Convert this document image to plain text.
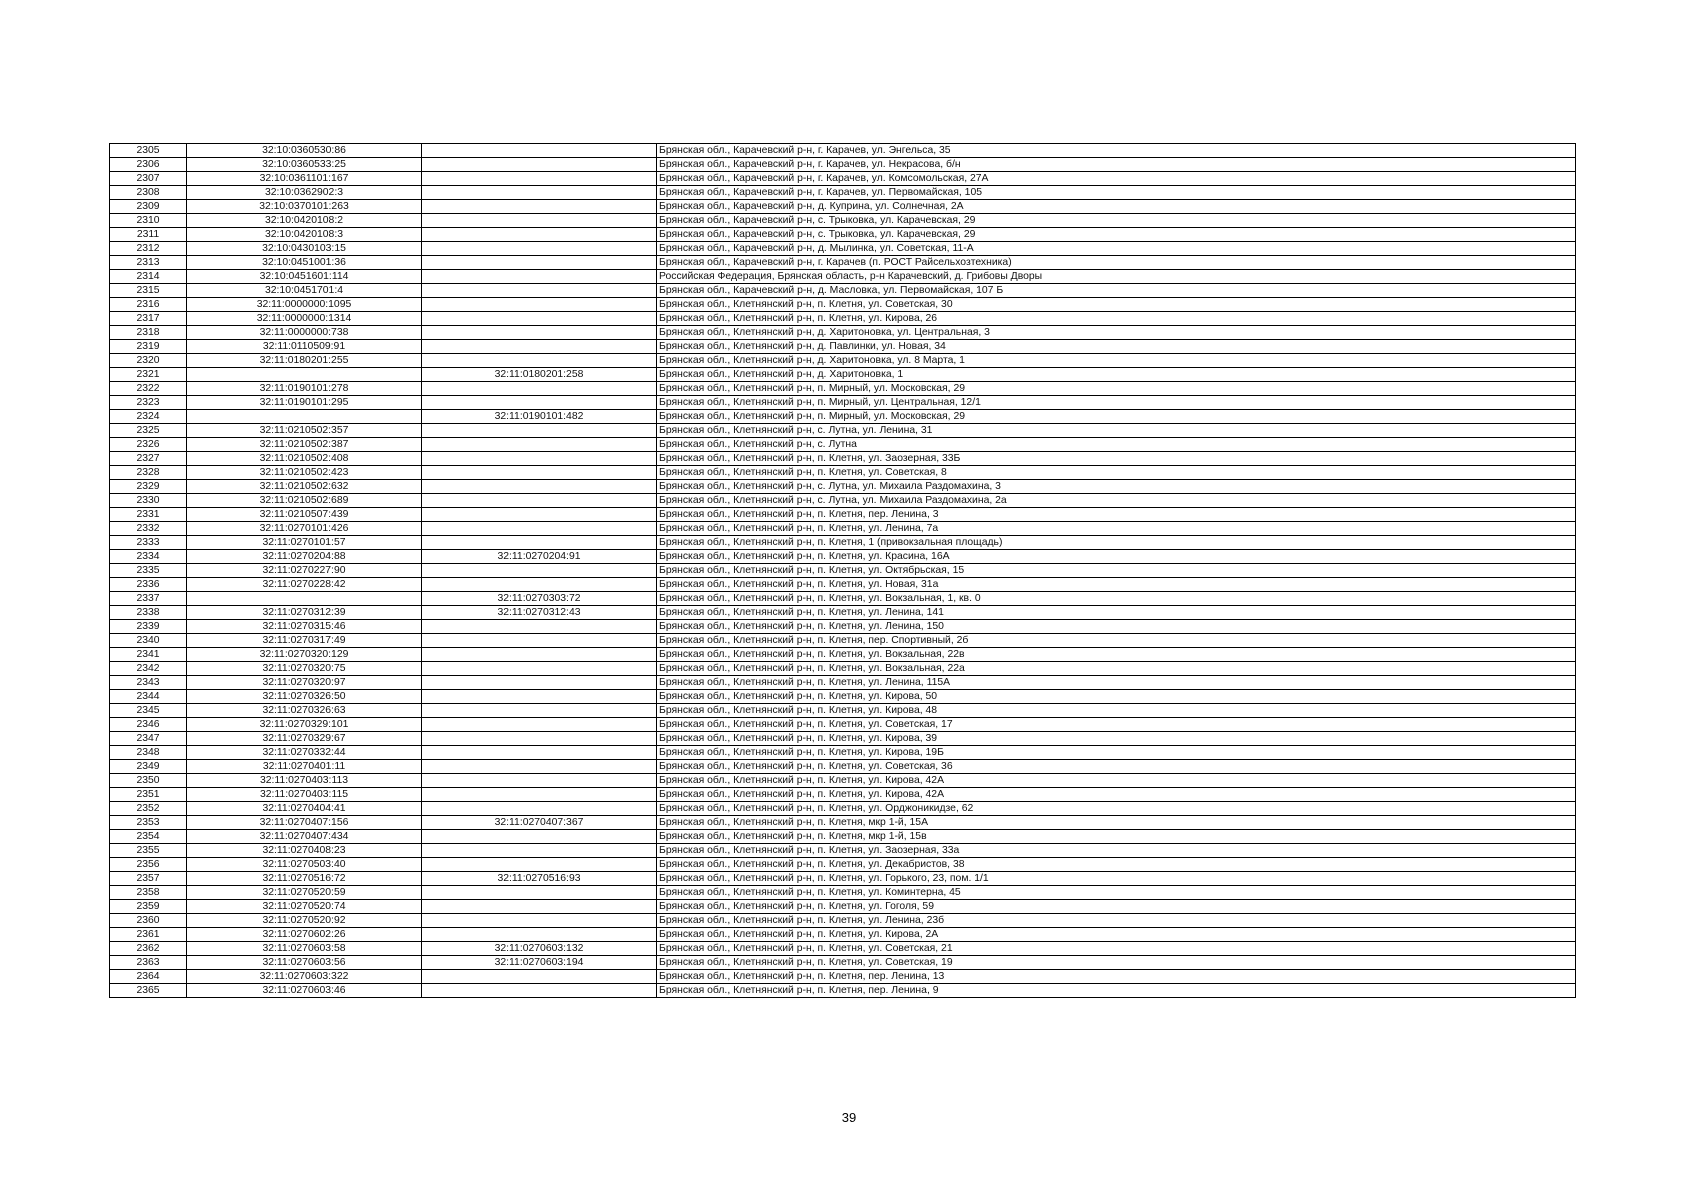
2305	32:10:0360530:86		Брянская обл., Карачевский р-н, г. Карачев, ул. Энгельса, 35
2306	32:10:0360533:25		Брянская обл., Карачевский р-н, г. Карачев, ул. Некрасова, б/н
2307	32:10:0361101:167		Брянская обл., Карачевский р-н, г. Карачев, ул. Комсомольская, 27А
2308	32:10:0362902:3		Брянская обл., Карачевский р-н, г. Карачев, ул. Первомайская, 105
2309	32:10:0370101:263		Брянская обл., Карачевский р-н, д. Куприна, ул. Солнечная, 2А
2310	32:10:0420108:2		Брянская обл., Карачевский р-н, с. Трыковка, ул. Карачевская, 29
2311	32:10:0420108:3		Брянская обл., Карачевский р-н, с. Трыковка, ул. Карачевская, 29
2312	32:10:0430103:15		Брянская обл., Карачевский р-н, д. Мылинка, ул. Советская, 11-А
2313	32:10:0451001:36		Брянская обл., Карачевский р-н, г. Карачев (п. РОСТ Райсельхозтехника)
2314	32:10:0451601:114		Российская Федерация, Брянская область, р-н Карачевский, д. Грибовы Дворы
2315	32:10:0451701:4		Брянская обл., Карачевский р-н, д. Масловка, ул. Первомайская, 107 Б
2316	32:11:0000000:1095		Брянская обл., Клетнянский р-н, п. Клетня, ул. Советская, 30
2317	32:11:0000000:1314		Брянская обл., Клетнянский р-н, п. Клетня, ул. Кирова, 26
2318	32:11:0000000:738		Брянская обл., Клетнянский р-н, д. Харитоновка, ул. Центральная, 3
2319	32:11:0110509:91		Брянская обл., Клетнянский р-н, д. Павлинки, ул. Новая, 34
2320	32:11:0180201:255		Брянская обл., Клетнянский р-н, д. Харитоновка, ул. 8 Марта, 1
2321		32:11:0180201:258	Брянская обл., Клетнянский р-н, д. Харитоновка, 1
2322	32:11:0190101:278		Брянская обл., Клетнянский р-н, п. Мирный, ул. Московская, 29
2323	32:11:0190101:295		Брянская обл., Клетнянский р-н, п. Мирный, ул. Центральная, 12/1
2324		32:11:0190101:482	Брянская обл., Клетнянский р-н, п. Мирный, ул. Московская, 29
2325	32:11:0210502:357		Брянская обл., Клетнянский р-н, с. Лутна, ул. Ленина, 31
2326	32:11:0210502:387		Брянская обл., Клетнянский р-н, с. Лутна
2327	32:11:0210502:408		Брянская обл., Клетнянский р-н, п. Клетня, ул. Заозерная, 33Б
2328	32:11:0210502:423		Брянская обл., Клетнянский р-н, п. Клетня, ул. Советская, 8
2329	32:11:0210502:632		Брянская обл., Клетнянский р-н, с. Лутна, ул. Михаила Раздомахина, 3
2330	32:11:0210502:689		Брянская обл., Клетнянский р-н, с. Лутна, ул. Михаила Раздомахина, 2а
2331	32:11:0210507:439		Брянская обл., Клетнянский р-н, п. Клетня, пер. Ленина, 3
2332	32:11:0270101:426		Брянская обл., Клетнянский р-н, п. Клетня, ул. Ленина, 7а
2333	32:11:0270101:57		Брянская обл., Клетнянский р-н, п. Клетня, 1 (привокзальная площадь)
2334	32:11:0270204:88	32:11:0270204:91	Брянская обл., Клетнянский р-н, п. Клетня, ул. Красина, 16А
2335	32:11:0270227:90		Брянская обл., Клетнянский р-н, п. Клетня, ул. Октябрьская, 15
2336	32:11:0270228:42		Брянская обл., Клетнянский р-н, п. Клетня, ул. Новая, 31а
2337		32:11:0270303:72	Брянская обл., Клетнянский р-н, п. Клетня, ул. Вокзальная, 1, кв. 0
2338	32:11:0270312:39	32:11:0270312:43	Брянская обл., Клетнянский р-н, п. Клетня, ул. Ленина, 141
2339	32:11:0270315:46		Брянская обл., Клетнянский р-н, п. Клетня, ул. Ленина, 150
2340	32:11:0270317:49		Брянская обл., Клетнянский р-н, п. Клетня, пер. Спортивный, 2б
2341	32:11:0270320:129		Брянская обл., Клетнянский р-н, п. Клетня, ул. Вокзальная, 22в
2342	32:11:0270320:75		Брянская обл., Клетнянский р-н, п. Клетня, ул. Вокзальная, 22а
2343	32:11:0270320:97		Брянская обл., Клетнянский р-н, п. Клетня, ул. Ленина, 115А
2344	32:11:0270326:50		Брянская обл., Клетнянский р-н, п. Клетня, ул. Кирова, 50
2345	32:11:0270326:63		Брянская обл., Клетнянский р-н, п. Клетня, ул. Кирова, 48
2346	32:11:0270329:101		Брянская обл., Клетнянский р-н, п. Клетня, ул. Советская, 17
2347	32:11:0270329:67		Брянская обл., Клетнянский р-н, п. Клетня, ул. Кирова, 39
2348	32:11:0270332:44		Брянская обл., Клетнянский р-н, п. Клетня, ул. Кирова, 19Б
2349	32:11:0270401:11		Брянская обл., Клетнянский р-н, п. Клетня, ул. Советская, 36
2350	32:11:0270403:113		Брянская обл., Клетнянский р-н, п. Клетня, ул. Кирова, 42А
2351	32:11:0270403:115		Брянская обл., Клетнянский р-н, п. Клетня, ул. Кирова, 42А
2352	32:11:0270404:41		Брянская обл., Клетнянский р-н, п. Клетня, ул. Орджоникидзе, 62
2353	32:11:0270407:156	32:11:0270407:367	Брянская обл., Клетнянский р-н, п. Клетня, мкр 1-й, 15А
2354	32:11:0270407:434		Брянская обл., Клетнянский р-н, п. Клетня, мкр 1-й, 15в
2355	32:11:0270408:23		Брянская обл., Клетнянский р-н, п. Клетня, ул. Заозерная, 33а
2356	32:11:0270503:40		Брянская обл., Клетнянский р-н, п. Клетня, ул. Декабристов, 38
2357	32:11:0270516:72	32:11:0270516:93	Брянская обл., Клетнянский р-н, п. Клетня, ул. Горького, 23, пом. 1/1
2358	32:11:0270520:59		Брянская обл., Клетнянский р-н, п. Клетня, ул. Коминтерна, 45
2359	32:11:0270520:74		Брянская обл., Клетнянский р-н, п. Клетня, ул. Гоголя, 59
2360	32:11:0270520:92		Брянская обл., Клетнянский р-н, п. Клетня, ул. Ленина, 23б
2361	32:11:0270602:26		Брянская обл., Клетнянский р-н, п. Клетня, ул. Кирова, 2А
2362	32:11:0270603:58	32:11:0270603:132	Брянская обл., Клетнянский р-н, п. Клетня, ул. Советская, 21
2363	32:11:0270603:56	32:11:0270603:194	Брянская обл., Клетнянский р-н, п. Клетня, ул. Советская, 19
2364	32:11:0270603:322		Брянская обл., Клетнянский р-н, п. Клетня, пер. Ленина, 13
2365	32:11:0270603:46		Брянская обл., Клетнянский р-н, п. Клетня, пер. Ленина, 9
39
